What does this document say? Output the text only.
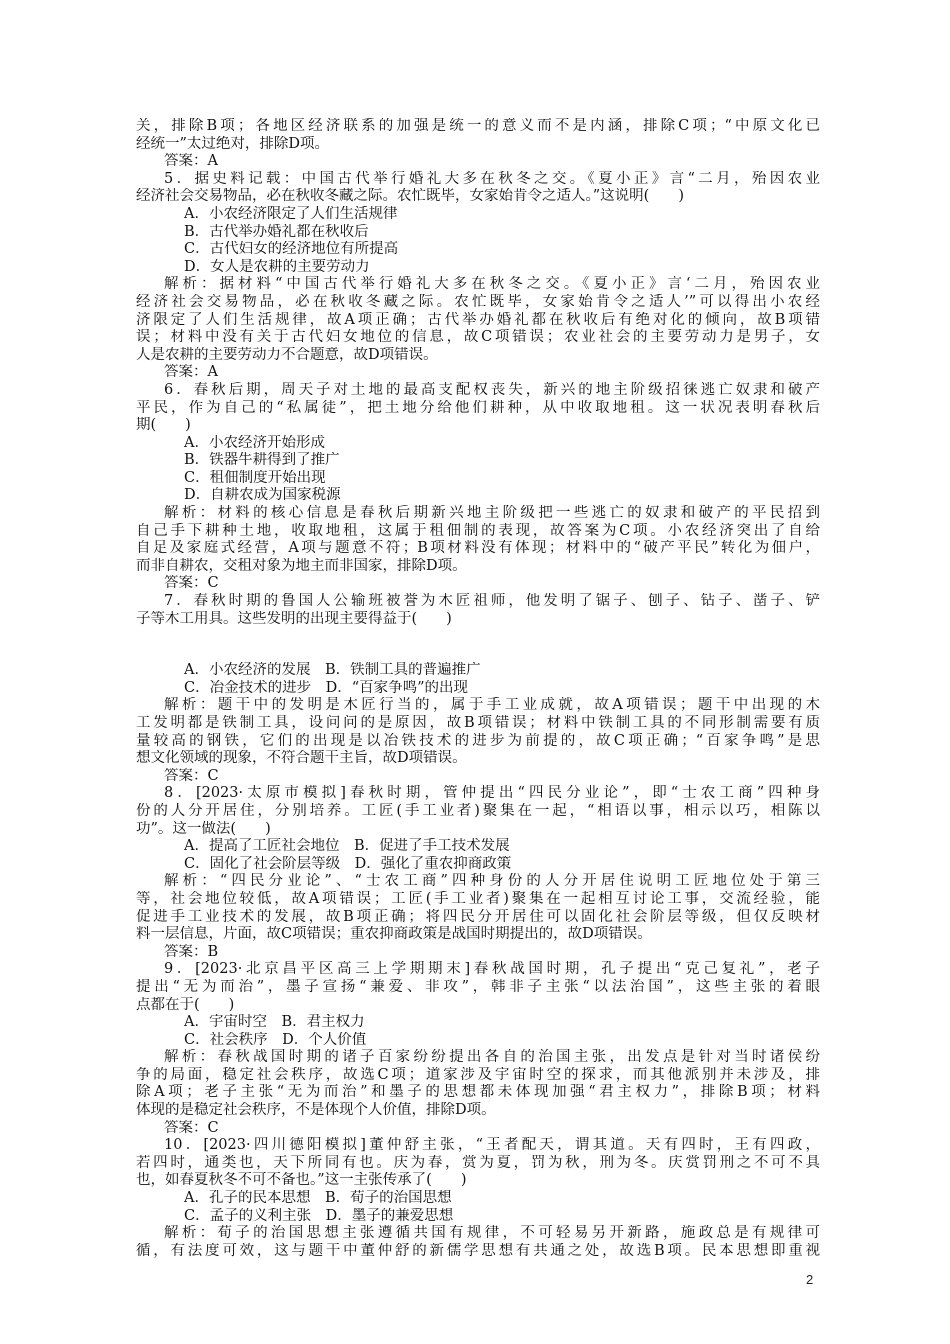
关，排除B项；各地区经济联系的加强是统一的意义而不是内涵，排除C项；“中原文化已
经统一”太过绝对，排除D项。
答案：A
5．据史料记载：中国古代举行婚礼大多在秋冬之交。《夏小正》言“二月，殆因农业
经济社会交易物品，必在秋收冬藏之际。农忙既毕，女家始肯令之适人。”这说明(　　)
A．小农经济限定了人们生活规律
B．古代举办婚礼都在秋收后
C．古代妇女的经济地位有所提高
D．女人是农耕的主要劳动力
解析：据材料“中国古代举行婚礼大多在秋冬之交。《夏小正》言‘二月，殆因农业
经济社会交易物品，必在秋收冬藏之际。农忙既毕，女家始肯令之适人’”可以得出小农经
济限定了人们生活规律，故A项正确；古代举办婚礼都在秋收后有绝对化的倾向，故B项错
误；材料中没有关于古代妇女地位的信息，故C项错误；农业社会的主要劳动力是男子，女
人是农耕的主要劳动力不合题意，故D项错误。
答案：A
6．春秋后期，周天子对土地的最高支配权丧失，新兴的地主阶级招徕逃亡奴隶和破产
平民，作为自己的“私属徒”，把土地分给他们耕种，从中收取地租。这一状况表明春秋后
期(　　)
A．小农经济开始形成
B．铁器牛耕得到了推广
C．租佃制度开始出现
D．自耕农成为国家税源
解析：材料的核心信息是春秋后期新兴地主阶级把一些逃亡的奴隶和破产的平民招到
自己手下耕种土地，收取地租，这属于租佃制的表现，故答案为C项。小农经济突出了自给
自足及家庭式经营，A项与题意不符；B项材料没有体现；材料中的“破产平民”转化为佃户，
而非自耕农，交租对象为地主而非国家，排除D项。
答案：C
7．春秋时期的鲁国人公输班被誉为木匠祖师，他发明了锯子、刨子、钻子、凿子、铲
子等木工用具。这些发明的出现主要得益于(　　)
A．小农经济的发展　B．铁制工具的普遍推广
C．冶金技术的进步　D．“百家争鸣”的出现
解析：题干中的发明是木匠行当的，属于手工业成就，故A项错误；题干中出现的木
工发明都是铁制工具，设问问的是原因，故B项错误；材料中铁制工具的不同形制需要有质
量较高的钢铁，它们的出现是以冶铁技术的进步为前提的，故C项正确；“百家争鸣”是思
想文化领域的现象，不符合题干主旨，故D项错误。
答案：C
8．[2023·太原市模拟]春秋时期，管仲提出“四民分业论”，即“士农工商”四种身
份的人分开居住，分别培养。工匠(手工业者)聚集在一起，“相语以事，相示以巧，相陈以
功”。这一做法(　　)
A．提高了工匠社会地位　B．促进了手工技术发展
C．固化了社会阶层等级　D．强化了重农抑商政策
解析：“四民分业论”、“士农工商”四种身份的人分开居住说明工匠地位处于第三
等，社会地位较低，故A项错误；工匠(手工业者)聚集在一起相互讨论工事，交流经验，能
促进手工业技术的发展，故B项正确；将四民分开居住可以固化社会阶层等级，但仅反映材
料一层信息，片面，故C项错误；重农抑商政策是战国时期提出的，故D项错误。
答案：B
9．[2023·北京昌平区高三上学期期末]春秋战国时期，孔子提出“克己复礼”，老子
提出“无为而治”，墨子宣扬“兼爱、非攻”，韩非子主张“以法治国”，这些主张的着眼
点都在于(　　)
A．宇宙时空　B．君主权力
C．社会秩序　D．个人价值
解析：春秋战国时期的诸子百家纷纷提出各自的治国主张，出发点是针对当时诸侯纷
争的局面，稳定社会秩序，故选C项；道家涉及宇宙时空的探求，而其他派别并未涉及，排
除A项；老子主张“无为而治”和墨子的思想都未体现加强“君主权力”，排除B项；材料
体现的是稳定社会秩序，不是体现个人价值，排除D项。
答案：C
10．[2023·四川德阳模拟]董仲舒主张，“王者配天，谓其道。天有四时，王有四政，
若四时，通类也，天下所同有也。庆为春，赏为夏，罚为秋，刑为冬。庆赏罚刑之不可不具
也，如春夏秋冬不可不备也。”这一主张传承了(　　)
A．孔子的民本思想　B．荀子的治国思想
C．孟子的义利主张　D．墨子的兼爱思想
解析：荀子的治国思想主张遵循共国有规律，不可轻易另开新路，施政总是有规律可
循，有法度可效，这与题干中董仲舒的新儒学思想有共通之处，故选B项。民本思想即重视
2
